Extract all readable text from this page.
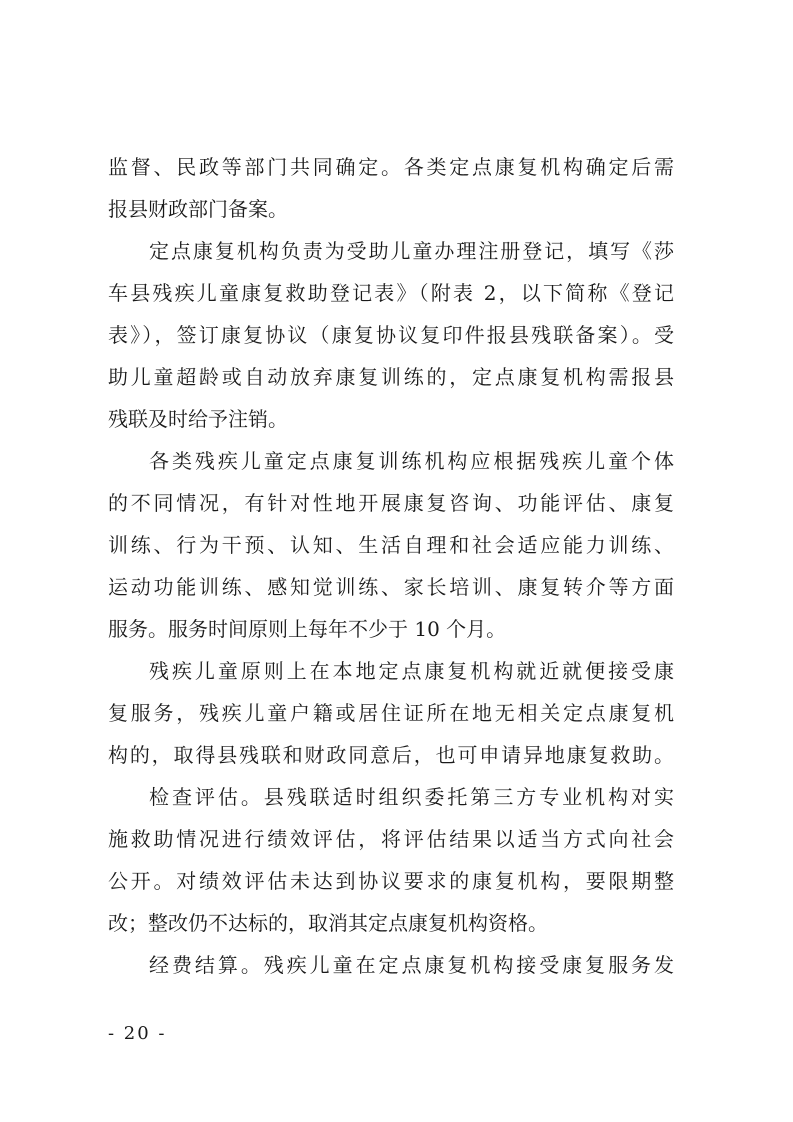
监督、民政等部门共同确定。各类定点康复机构确定后需
报县财政部门备案。
定点康复机构负责为受助儿童办理注册登记，填写《莎
车县残疾儿童康复救助登记表》（附表 2，以下简称《登记
表》），签订康复协议（康复协议复印件报县残联备案）。受
助儿童超龄或自动放弃康复训练的，定点康复机构需报县
残联及时给予注销。
各类残疾儿童定点康复训练机构应根据残疾儿童个体
的不同情况，有针对性地开展康复咨询、功能评估、康复
训练、行为干预、认知、生活自理和社会适应能力训练、
运动功能训练、感知觉训练、家长培训、康复转介等方面
服务。服务时间原则上每年不少于 10 个月。
残疾儿童原则上在本地定点康复机构就近就便接受康
复服务，残疾儿童户籍或居住证所在地无相关定点康复机
构的，取得县残联和财政同意后，也可申请异地康复救助。
检查评估。县残联适时组织委托第三方专业机构对实
施救助情况进行绩效评估，将评估结果以适当方式向社会
公开。对绩效评估未达到协议要求的康复机构，要限期整
改；整改仍不达标的，取消其定点康复机构资格。
经费结算。残疾儿童在定点康复机构接受康复服务发
- 20 -
